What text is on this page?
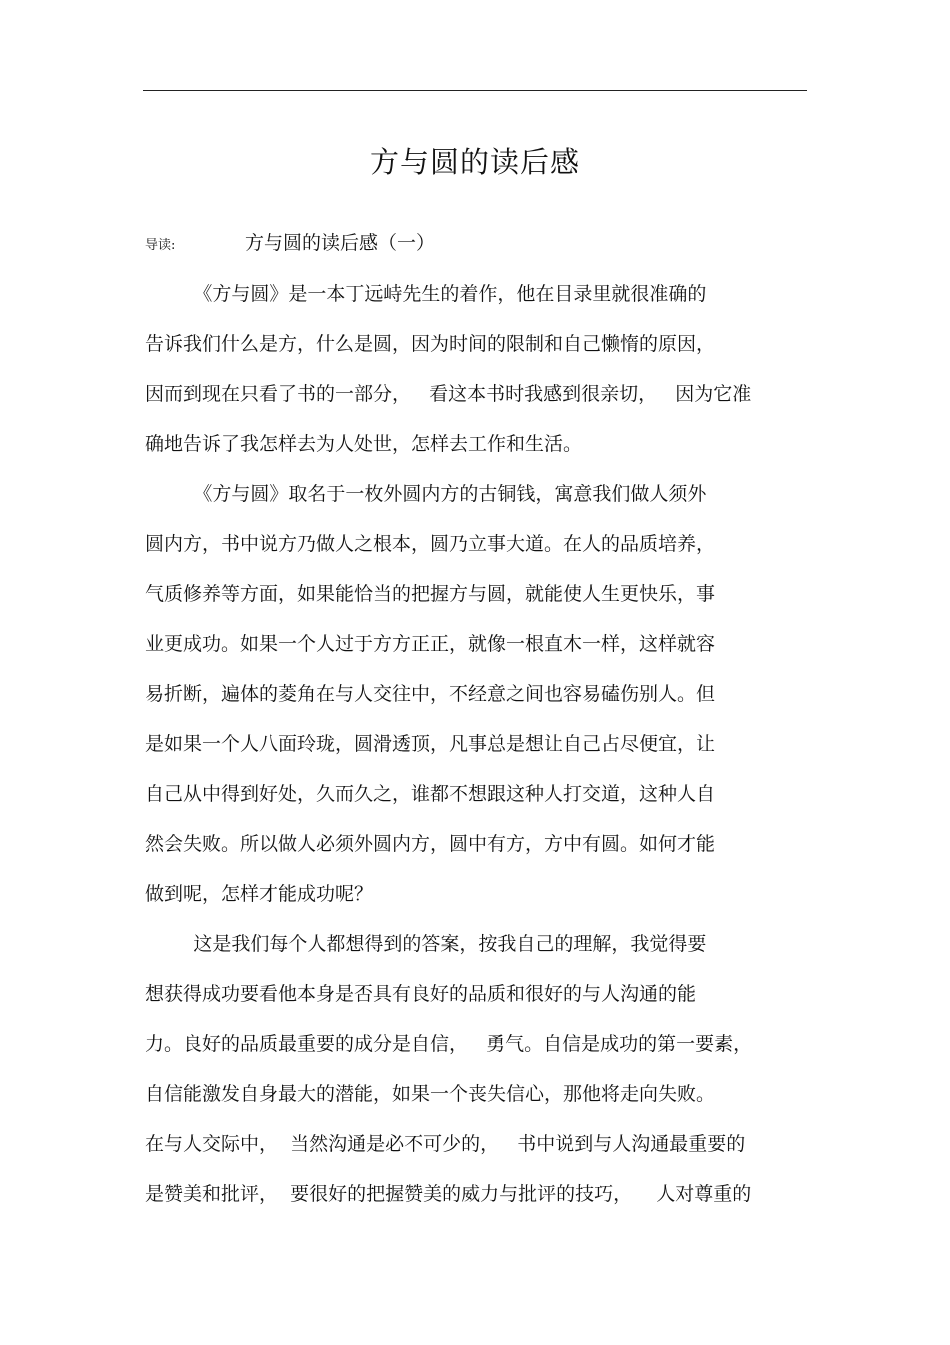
方与圆的读后感
导读:	方与圆的读后感（一）
《方与圆》是一本丁远峙先生的着作，他在目录里就很准确的
告诉我们什么是方，什么是圆，因为时间的限制和自己懒惰的原因，
因而到现在只看了书的一部分，   看这本书时我感到很亲切，   因为它准
确地告诉了我怎样去为人处世，怎样去工作和生活。
《方与圆》取名于一枚外圆内方的古铜钱，寓意我们做人须外
圆内方，书中说方乃做人之根本，圆乃立事大道。在人的品质培养，
气质修养等方面，如果能恰当的把握方与圆，就能使人生更快乐，事
业更成功。如果一个人过于方方正正，就像一根直木一样，这样就容
易折断，遍体的菱角在与人交往中，不经意之间也容易磕伤别人。但
是如果一个人八面玲珑，圆滑透顶，凡事总是想让自己占尽便宜，让
自己从中得到好处，久而久之，谁都不想跟这种人打交道，这种人自
然会失败。所以做人必须外圆内方，圆中有方，方中有圆。如何才能
做到呢，怎样才能成功呢？
这是我们每个人都想得到的答案，按我自己的理解，我觉得要
想获得成功要看他本身是否具有良好的品质和很好的与人沟通的能
力。良好的品质最重要的成分是自信，   勇气。自信是成功的第一要素，
自信能激发自身最大的潜能，如果一个丧失信心，那他将走向失败。
在与人交际中，  当然沟通是必不可少的，   书中说到与人沟通最重要的
是赞美和批评，  要很好的把握赞美的威力与批评的技巧，    人对尊重的
